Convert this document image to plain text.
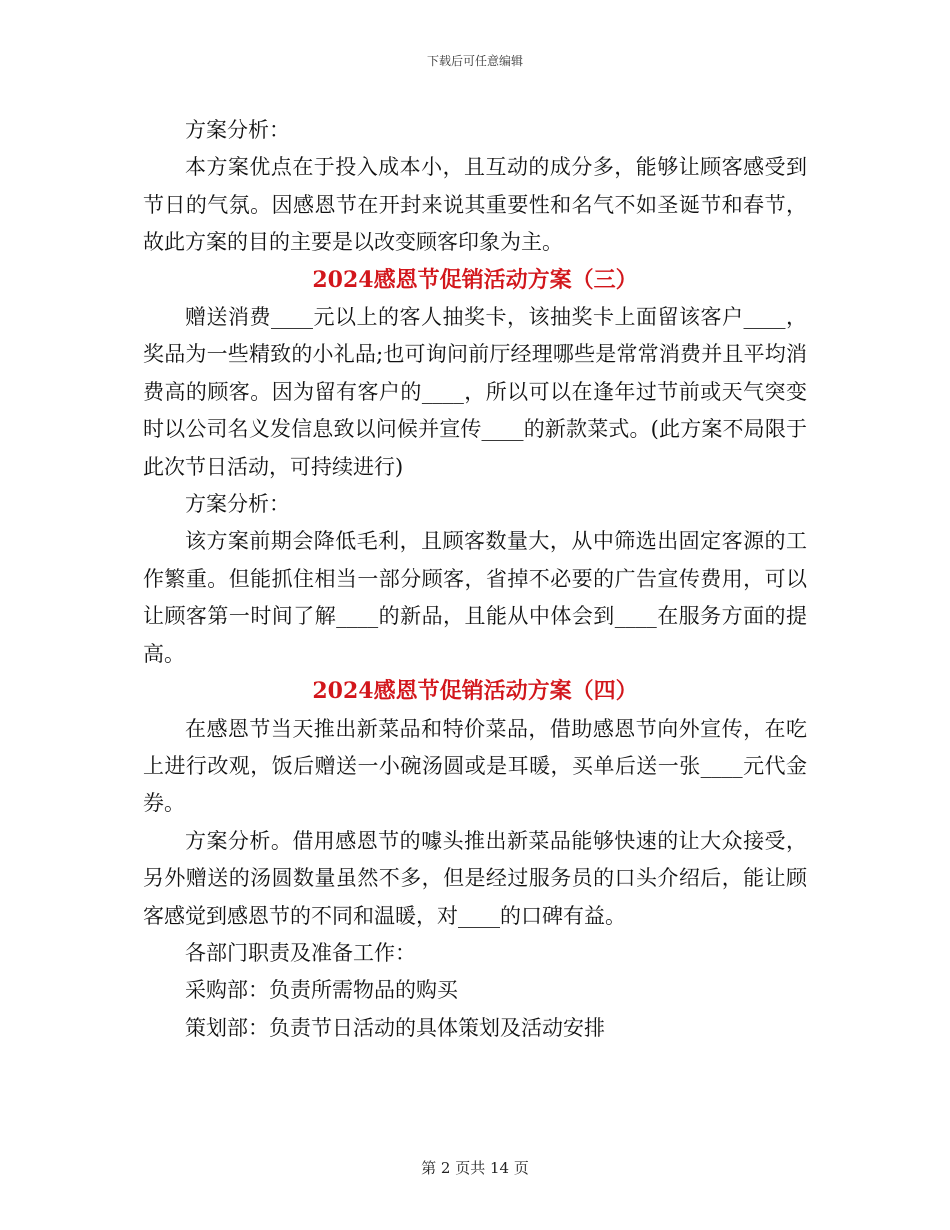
下载后可任意编辑

方案分析：

本方案优点在于投入成本小，且互动的成分多，能够让顾客感受到节日的气氛。因感恩节在开封来说其重要性和名气不如圣诞节和春节，故此方案的目的主要是以改变顾客印象为主。

2024感恩节促销活动方案（三）

赠送消费____元以上的客人抽奖卡，该抽奖卡上面留该客户____，奖品为一些精致的小礼品;也可询问前厅经理哪些是常常消费并且平均消费高的顾客。因为留有客户的____，所以可以在逢年过节前或天气突变时以公司名义发信息致以问候并宣传____的新款菜式。(此方案不局限于此次节日活动，可持续进行)

方案分析：

该方案前期会降低毛利，且顾客数量大，从中筛选出固定客源的工作繁重。但能抓住相当一部分顾客，省掉不必要的广告宣传费用，可以让顾客第一时间了解____的新品，且能从中体会到____在服务方面的提高。

2024感恩节促销活动方案（四）

在感恩节当天推出新菜品和特价菜品，借助感恩节向外宣传，在吃上进行改观，饭后赠送一小碗汤圆或是耳暖，买单后送一张____元代金券。

方案分析。借用感恩节的噱头推出新菜品能够快速的让大众接受，另外赠送的汤圆数量虽然不多，但是经过服务员的口头介绍后，能让顾客感觉到感恩节的不同和温暖，对____的口碑有益。

各部门职责及准备工作：

采购部：负责所需物品的购买

策划部：负责节日活动的具体策划及活动安排

第 2 页共 14 页
